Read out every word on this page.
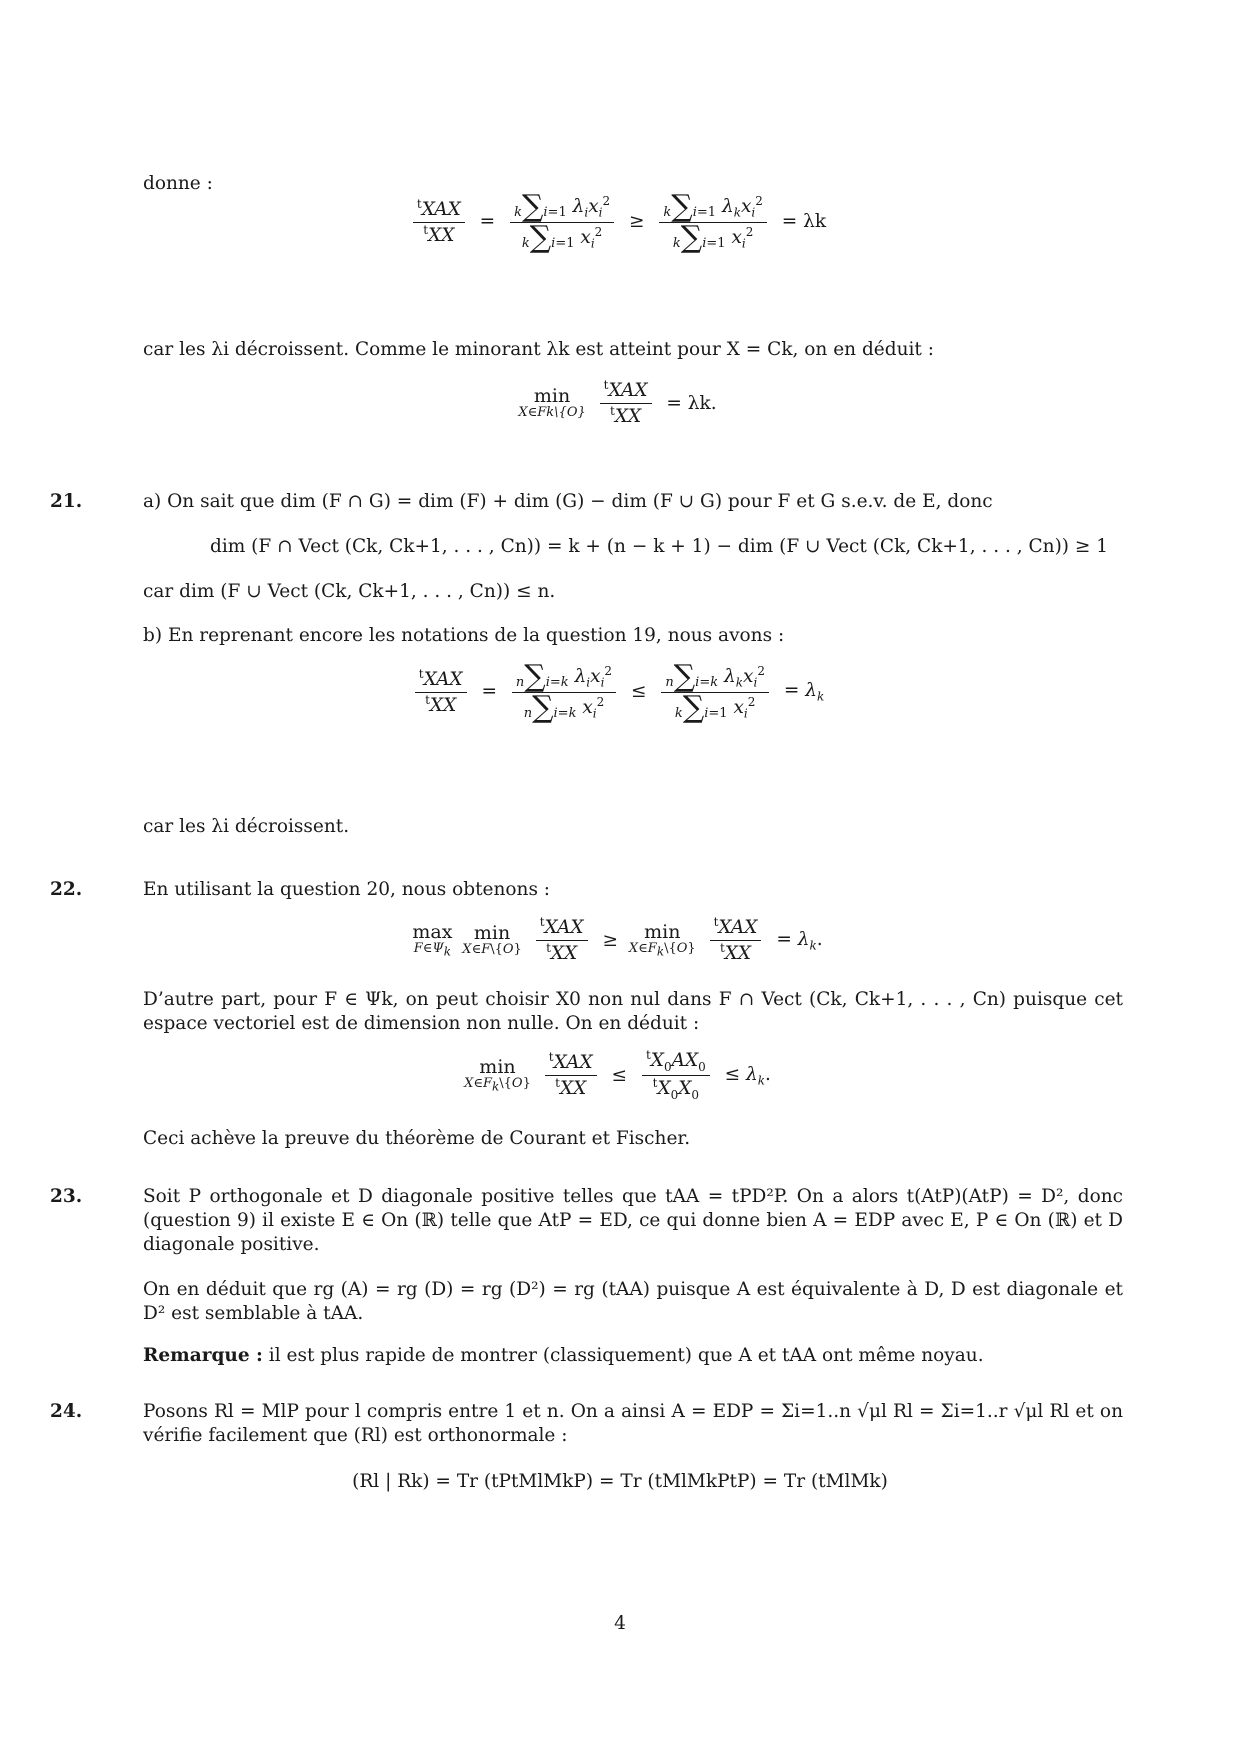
donne :
$\frac{^tXAX}{^tXX} = \frac{k\sum i=1 \lambda_ix_i^2}{k\sum i=1 x_i^2} \ge \frac{k\sum i=1 \lambda_kx_i^2}{k\sum i=1 x_i^2} = \lambda k$
car les λi décroissent. Comme le minorant λk est atteint pour X = Ck, on en déduit :
min
X∈Fk\{O}
$\frac{^tXAX}{^tXX} = \lambda k$.
21.	a) On sait que dim (F ∩ G) = dim (F) + dim (G) − dim (F ∪ G) pour F et G s.e.v. de E, donc
dim (F ∩ Vect (Ck, Ck+1, . . . , Cn)) = k + (n − k + 1) − dim (F ∪ Vect (Ck, Ck+1, . . . , Cn)) ≥ 1
car dim (F ∪ Vect (Ck, Ck+1, . . . , Cn)) ≤ n.
b) En reprenant encore les notations de la question 19, nous avons :
$\frac{^tXAX}{^tXX} = \frac{n\sum i=k \lambda_ix_i^2}{n\sum i=k x_i^2} \le \frac{n\sum i=k \lambda_kx_i^2}{k\sum i=1 x_i^2} = \lambda_k$
car les λi décroissent.
22.	En utilisant la question 20, nous obtenons :
max
$F\in\Psi_k$

min
X∈F\{O}
$\frac{^tXAX}{^tXX}$ ≥	min
$X\in F_k\backslash\{O\}$
$\frac{^tXAX}{^tXX} = \lambda_k$.
D’autre part, pour F ∈ Ψk, on peut choisir X0 non nul dans F ∩ Vect (Ck, Ck+1, . . . , Cn) puisque cet espace vectoriel est de dimension non nulle. On en déduit :
min
$X\in F_k\backslash\{O\}$
$\frac{^tXAX}{^tXX} \le \frac{^tX_0AX_0}{^tX_0X_0} \le \lambda_k$.
Ceci achève la preuve du théorème de Courant et Fischer.
23.	Soit P orthogonale et D diagonale positive telles que tAA = tPD²P. On a alors t(AtP)(AtP) = D², donc (question 9) il existe E ∈ On (ℝ) telle que AtP = ED, ce qui donne bien A = EDP avec E, P ∈ On (ℝ) et D diagonale positive.
On en déduit que rg (A) = rg (D) = rg (D²) = rg (tAA) puisque A est équivalente à D, D est diagonale et D² est semblable à tAA.
Remarque : il est plus rapide de montrer (classiquement) que A et tAA ont même noyau.
24.	Posons Rl = MlP pour l compris entre 1 et n. On a ainsi A = EDP = Σi=1..n √μl Rl = Σi=1..r √μl Rl et on vérifie facilement que (Rl) est orthonormale :
(Rl | Rk) = Tr (tPtMlMkP) = Tr (tMlMkPtP) = Tr (tMlMk)
4
